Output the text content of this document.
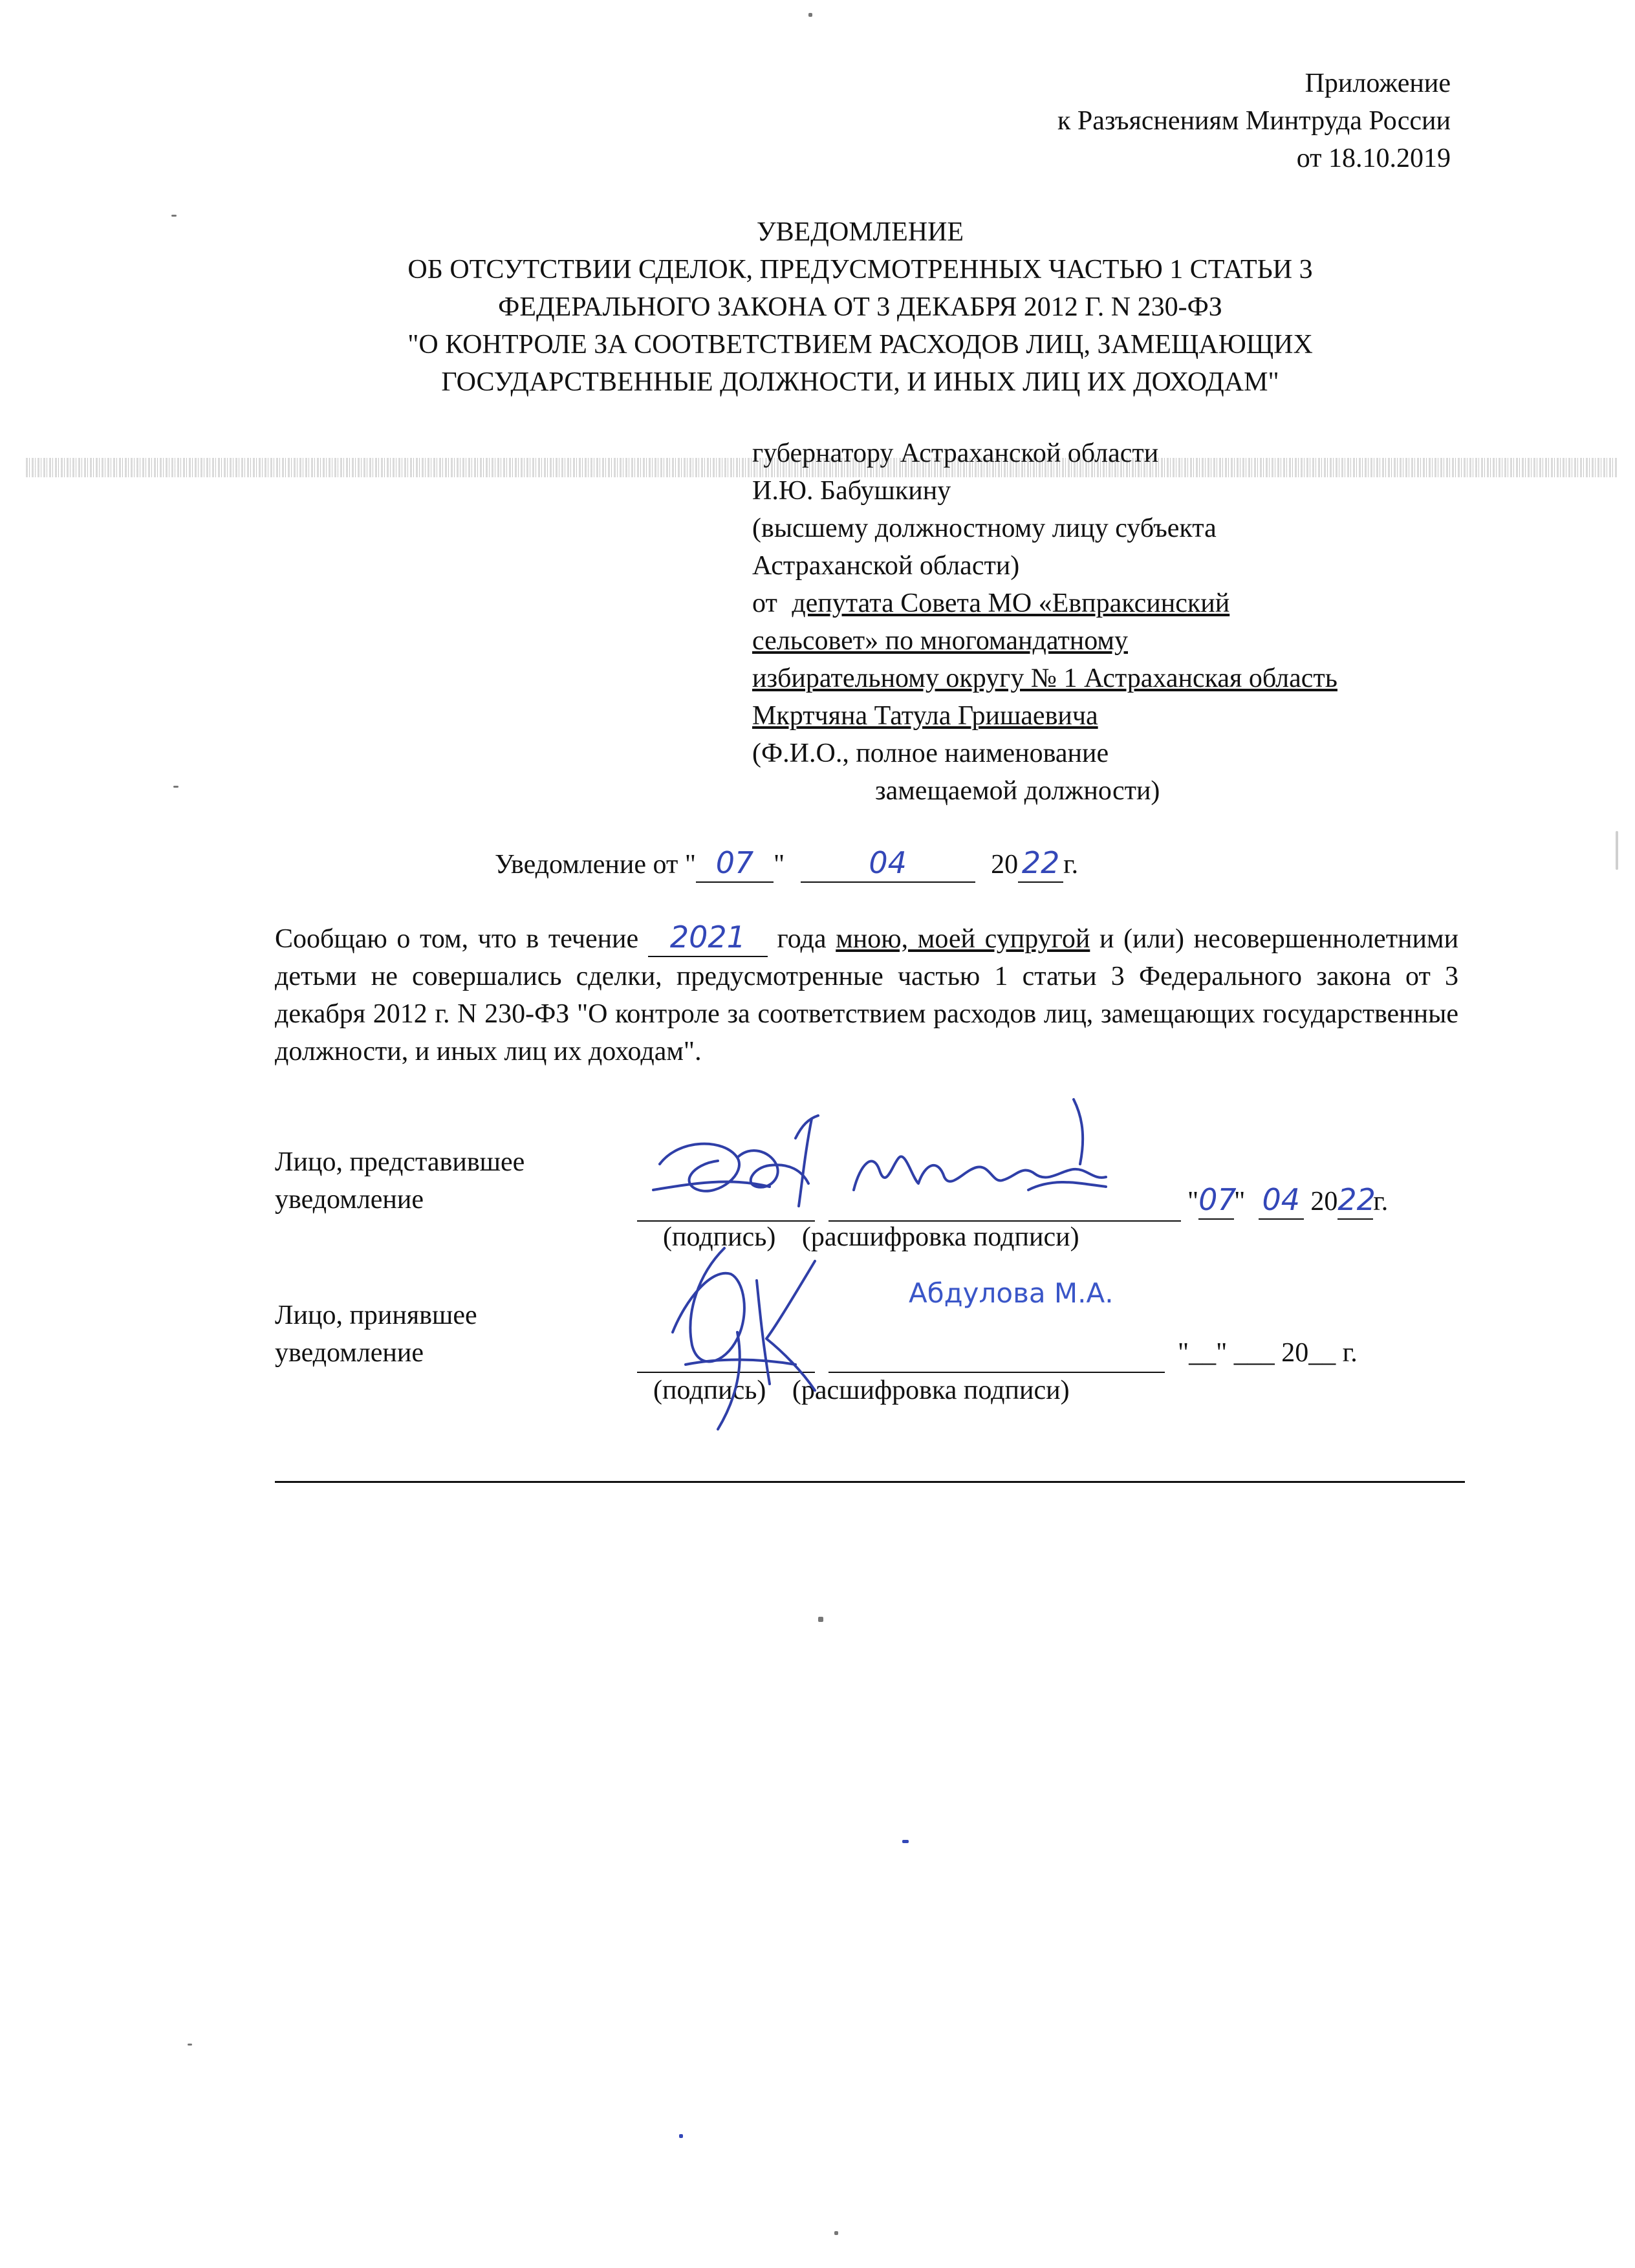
Приложение
к Разъяснениям Минтруда России
от 18.10.2019
УВЕДОМЛЕНИЕ
ОБ ОТСУТСТВИИ СДЕЛОК, ПРЕДУСМОТРЕННЫХ ЧАСТЬЮ 1 СТАТЬИ 3
ФЕДЕРАЛЬНОГО ЗАКОНА ОТ 3 ДЕКАБРЯ 2012 Г. N 230-ФЗ
"О КОНТРОЛЕ ЗА СООТВЕТСТВИЕМ РАСХОДОВ ЛИЦ, ЗАМЕЩАЮЩИХ
ГОСУДАРСТВЕННЫЕ ДОЛЖНОСТИ, И ИНЫХ ЛИЦ ИХ ДОХОДАМ"
губернатору Астраханской области
И.Ю. Бабушкину
(высшему должностному лицу субъекта
Астраханской области)
от депутата Совета МО «Евпраксинский
сельсовет» по многомандатному
избирательному округу № 1 Астраханская область
Мкртчяна Татула Гришаевича
(Ф.И.О., полное наименование
замещаемой должности)
Уведомление от " 07 "	04	20 22 г.
Сообщаю о том, что в течение 2021 года мною, моей супругой и (или) несовершеннолетними детьми не совершались сделки, предусмотренные частью 1 статьи 3 Федерального закона от 3 декабря 2012 г. N 230-ФЗ "О контроле за соответствием расходов лиц, замещающих государственные должности, и иных лиц их доходам".
Лицо, представившее
уведомление	"07" 04 2022г.
(подпись) (расшифровка подписи)
Абдулова М.А.
Лицо, принявшее
уведомление	"__" ___ 20__ г.
(подпись) (расшифровка подписи)
